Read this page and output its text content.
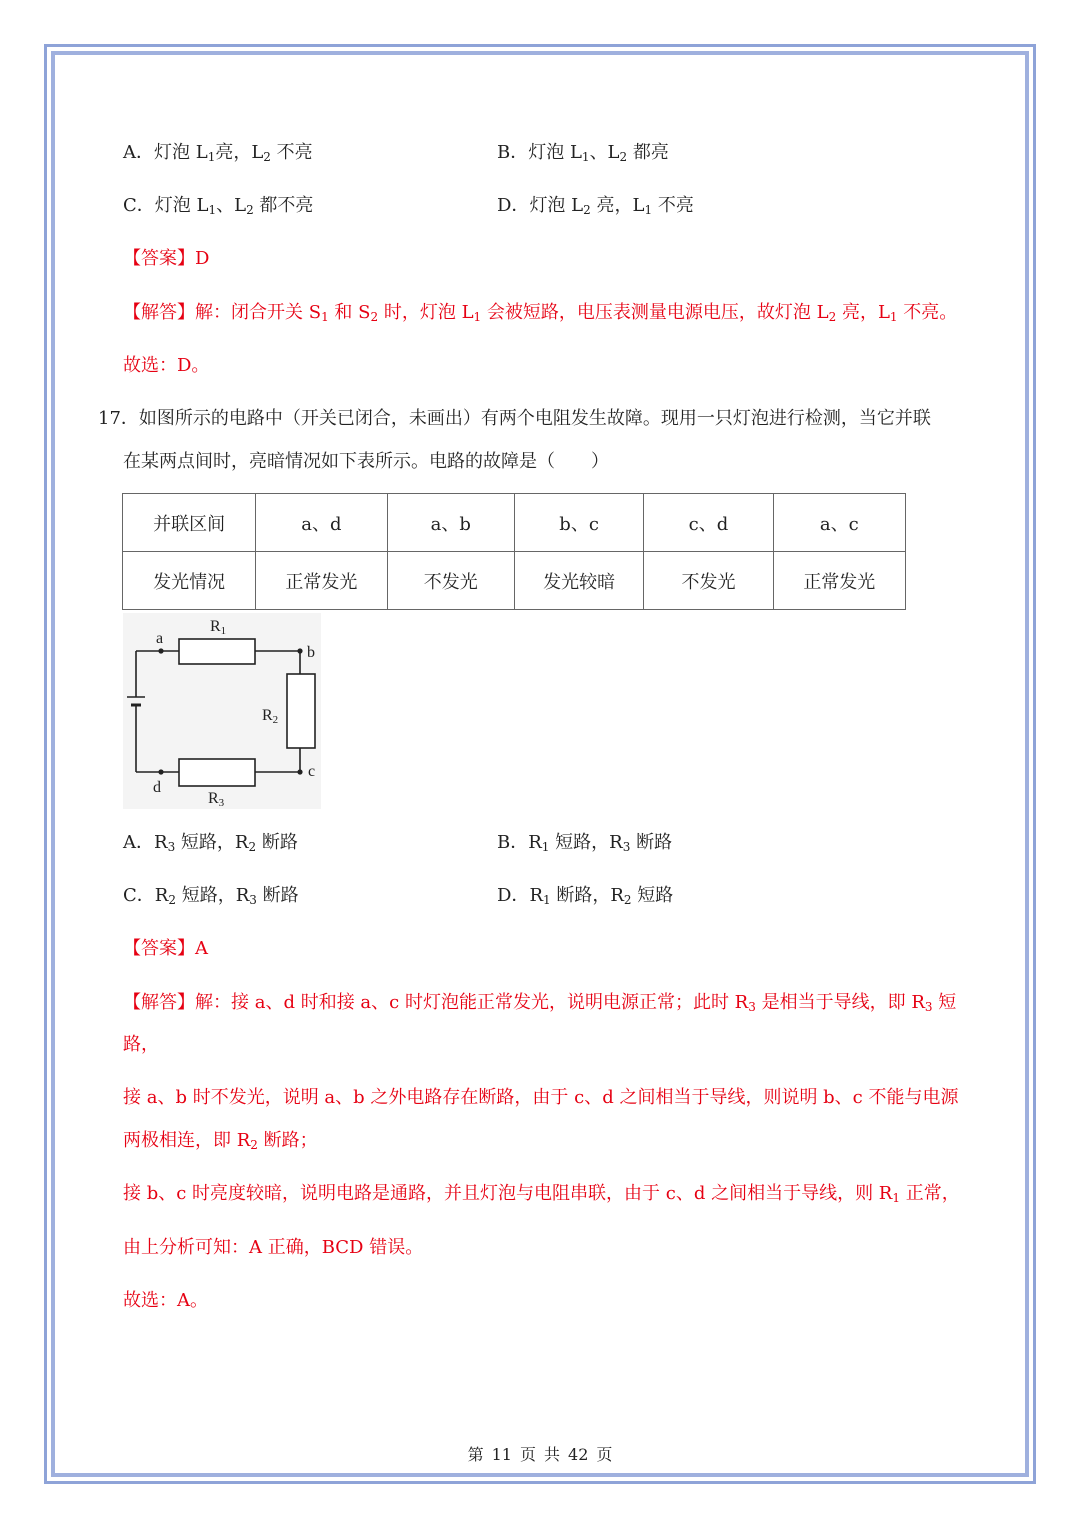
A．灯泡 $L_1$亮，$L_2$ 不亮	B．灯泡 $L_1$、$L_2$ 都亮
C．灯泡 $L_1$、$L_2$ 都不亮	D．灯泡 $L_2$ 亮，$L_1$ 不亮
【答案】D
【解答】解：闭合开关 $S_1$ 和 $S_2$ 时，灯泡 $L_1$ 会被短路，电压表测量电源电压，故灯泡 $L_2$ 亮，$L_1$ 不亮。
故选：D。
17．如图所示的电路中（开关已闭合，未画出）有两个电阻发生故障。现用一只灯泡进行检测，当它并联
在某两点间时，亮暗情况如下表所示。电路的故障是（　　）
并联区间	a、d	a、b	b、c	c、d	a、c
发光情况	正常发光	不发光	发光较暗	不发光	正常发光
R1
R2
R3
a
b
c
d
A．$R_3$ 短路，$R_2$ 断路	B．$R_1$ 短路，$R_3$ 断路
C．$R_2$ 短路，$R_3$ 断路	D．$R_1$ 断路，$R_2$ 短路
【答案】A
【解答】解：接 a、d 时和接 a、c 时灯泡能正常发光，说明电源正常；此时 $R_3$ 是相当于导线，即 $R_3$ 短
路，
接 a、b 时不发光，说明 a、b 之外电路存在断路，由于 c、d 之间相当于导线，则说明 b、c 不能与电源
两极相连，即 $R_2$ 断路；
接 b、c 时亮度较暗，说明电路是通路，并且灯泡与电阻串联，由于 c、d 之间相当于导线，则 $R_1$ 正常，
由上分析可知：A 正确，BCD 错误。
故选：A。
第 11 页 共 42 页
